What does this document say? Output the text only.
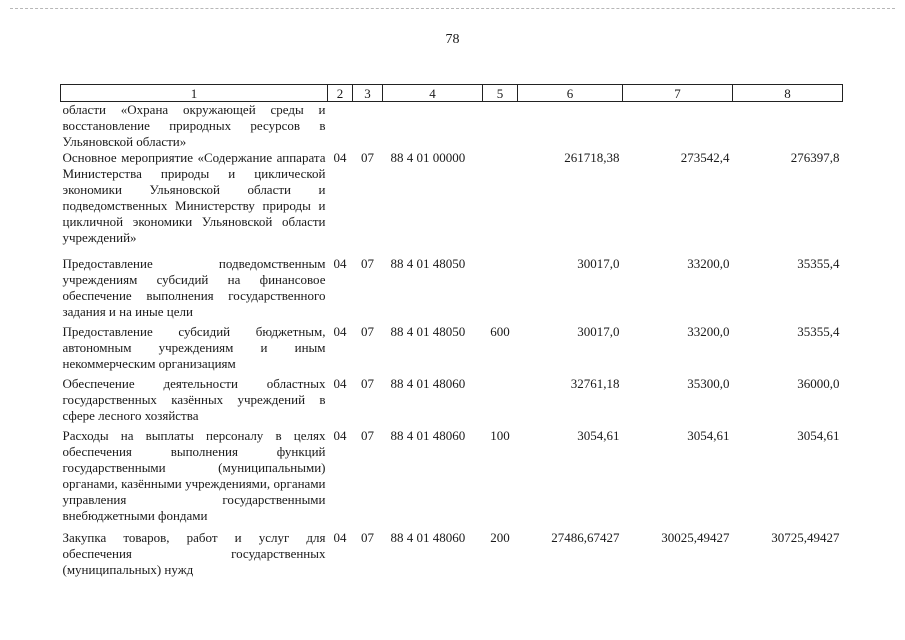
78
1	2	3	4	5	6	7	8
области «Охрана окружающей среды и восстановление природных ресурсов в Ульяновской области»							
Основное мероприятие «Содержание аппарата Министерства природы и циклической экономики Ульяновской области и подведомственных Министерству природы и цикличной экономики Ульяновской области учреждений»	04	07	88 4 01 00000		261718,38	273542,4	276397,8
Предоставление подведомственным учреждениям субсидий на финансовое обеспечение выполнения государственного задания и на иные цели	04	07	88 4 01 48050		30017,0	33200,0	35355,4
Предоставление субсидий бюджетным, автономным учреждениям и иным некоммерческим организациям	04	07	88 4 01 48050	600	30017,0	33200,0	35355,4
Обеспечение деятельности областных государственных казённых учреждений в сфере лесного хозяйства	04	07	88 4 01 48060		32761,18	35300,0	36000,0
Расходы на выплаты персоналу в целях обеспечения выполнения функций государственными (муниципальными) органами, казёнными учреждениями, органами управления государственными внебюджетными фондами	04	07	88 4 01 48060	100	3054,61	3054,61	3054,61
Закупка товаров, работ и услуг для обеспечения государственных (муниципальных) нужд	04	07	88 4 01 48060	200	27486,67427	30025,49427	30725,49427
